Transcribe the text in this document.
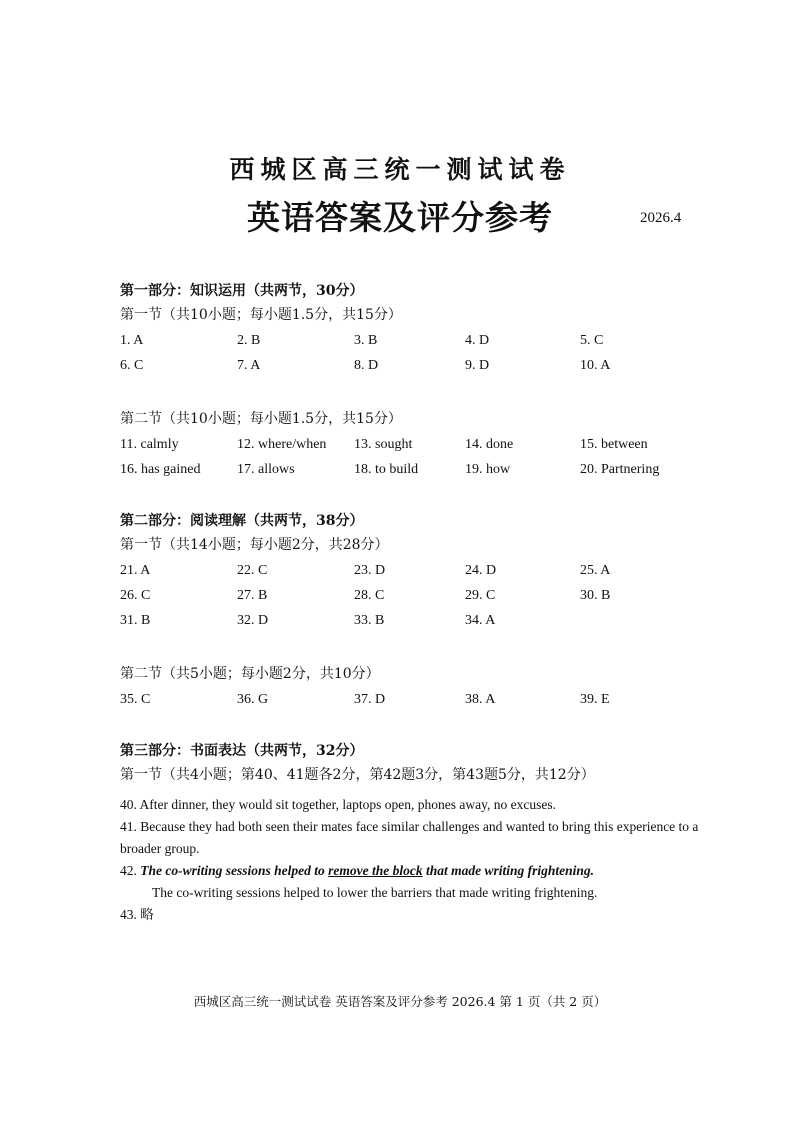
西城区高三统一测试试卷
英语答案及评分参考	2026.4
第一部分：知识运用（共两节，30分）
第一节（共10小题；每小题1.5分，共15分）
1. A	2. B	3. B	4. D	5. C
6. C	7. A	8. D	9. D	10. A
第二节（共10小题；每小题1.5分，共15分）
11. calmly	12. where/when	13. sought	14. done	15. between
16. has gained	17. allows	18. to build	19. how	20. Partnering
第二部分：阅读理解（共两节，38分）
第一节（共14小题；每小题2分，共28分）
21. A	22. C	23. D	24. D	25. A
26. C	27. B	28. C	29. C	30. B
31. B	32. D	33. B	34. A
第二节（共5小题；每小题2分，共10分）
35. C	36. G	37. D	38. A	39. E
第三部分：书面表达（共两节，32分）
第一节（共4小题；第40、41题各2分，第42题3分，第43题5分，共12分）
40. After dinner, they would sit together, laptops open, phones away, no excuses.
41. Because they had both seen their mates face similar challenges and wanted to bring this experience to a broader group.
42. The co-writing sessions helped to remove the block that made writing frightening.
The co-writing sessions helped to lower the barriers that made writing frightening.
43. 略
西城区高三统一测试试卷 英语答案及评分参考 2026.4 第 1 页（共 2 页）
